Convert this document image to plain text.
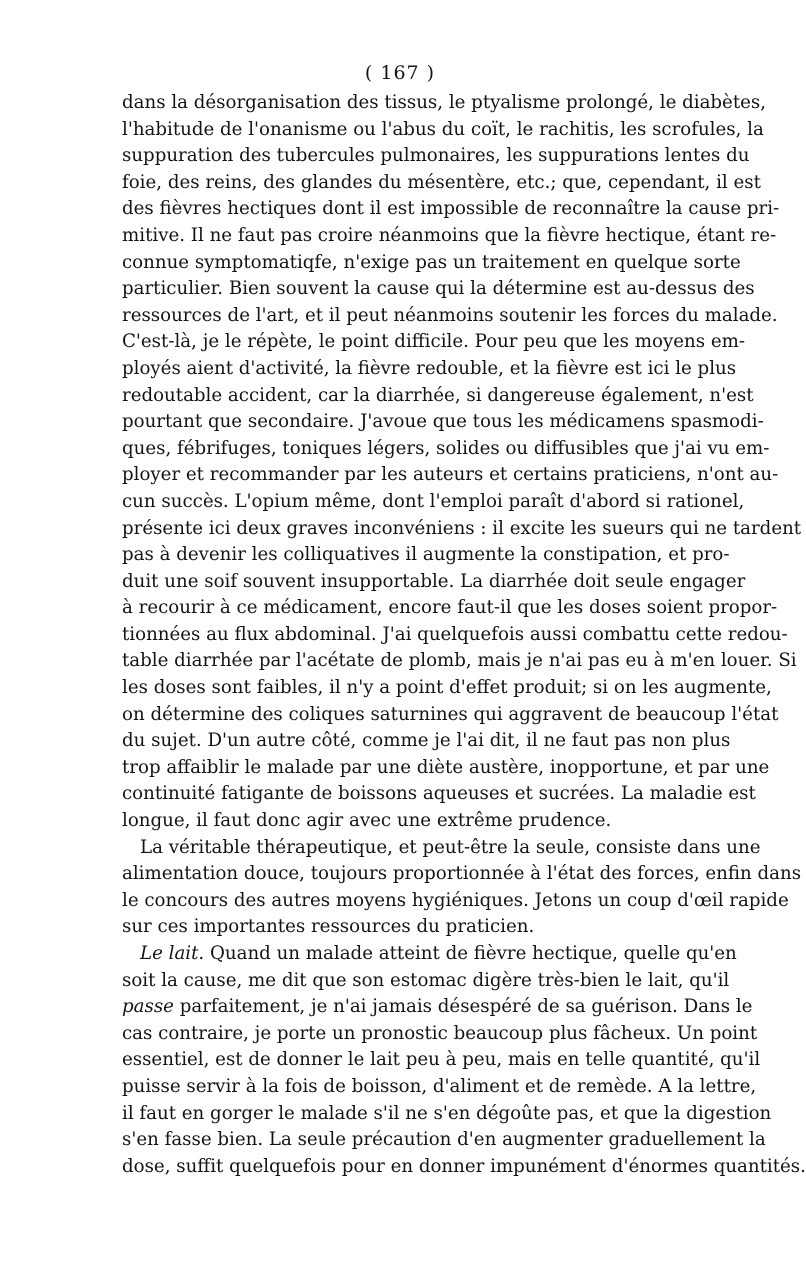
( 167 )
dans la désorganisation des tissus, le ptyalisme prolongé, le diabètes,
l'habitude de l'onanisme ou l'abus du coït, le rachitis, les scrofules, la
suppuration des tubercules pulmonaires, les suppurations lentes du
foie, des reins, des glandes du mésentère, etc.; que, cependant, il est
des fièvres hectiques dont il est impossible de reconnaître la cause pri-
mitive. Il ne faut pas croire néanmoins que la fièvre hectique, étant re-
connue symptomatiqfe, n'exige pas un traitement en quelque sorte
particulier. Bien souvent la cause qui la détermine est au-dessus des
ressources de l'art, et il peut néanmoins soutenir les forces du malade.
C'est-là, je le répète, le point difficile. Pour peu que les moyens em-
ployés aient d'activité, la fièvre redouble, et la fièvre est ici le plus
redoutable accident, car la diarrhée, si dangereuse également, n'est
pourtant que secondaire. J'avoue que tous les médicamens spasmodi-
ques, fébrifuges, toniques légers, solides ou diffusibles que j'ai vu em-
ployer et recommander par les auteurs et certains praticiens, n'ont au-
cun succès. L'opium même, dont l'emploi paraît d'abord si rationel,
présente ici deux graves inconvéniens : il excite les sueurs qui ne tardent
pas à devenir les colliquatives il augmente la constipation, et pro-
duit une soif souvent insupportable. La diarrhée doit seule engager
à recourir à ce médicament, encore faut-il que les doses soient propor-
tionnées au flux abdominal. J'ai quelquefois aussi combattu cette redou-
table diarrhée par l'acétate de plomb, mais je n'ai pas eu à m'en louer. Si
les doses sont faibles, il n'y a point d'effet produit; si on les augmente,
on détermine des coliques saturnines qui aggravent de beaucoup l'état
du sujet. D'un autre côté, comme je l'ai dit, il ne faut pas non plus
trop affaiblir le malade par une diète austère, inopportune, et par une
continuité fatigante de boissons aqueuses et sucrées. La maladie est
longue, il faut donc agir avec une extrême prudence.
La véritable thérapeutique, et peut-être la seule, consiste dans une
alimentation douce, toujours proportionnée à l'état des forces, enfin dans
le concours des autres moyens hygiéniques. Jetons un coup d'œil rapide
sur ces importantes ressources du praticien.
Le lait. Quand un malade atteint de fièvre hectique, quelle qu'en
soit la cause, me dit que son estomac digère très-bien le lait, qu'il
passe parfaitement, je n'ai jamais désespéré de sa guérison. Dans le
cas contraire, je porte un pronostic beaucoup plus fâcheux. Un point
essentiel, est de donner le lait peu à peu, mais en telle quantité, qu'il
puisse servir à la fois de boisson, d'aliment et de remède. A la lettre,
il faut en gorger le malade s'il ne s'en dégoûte pas, et que la digestion
s'en fasse bien. La seule précaution d'en augmenter graduellement la
dose, suffit quelquefois pour en donner impunément d'énormes quantités.
